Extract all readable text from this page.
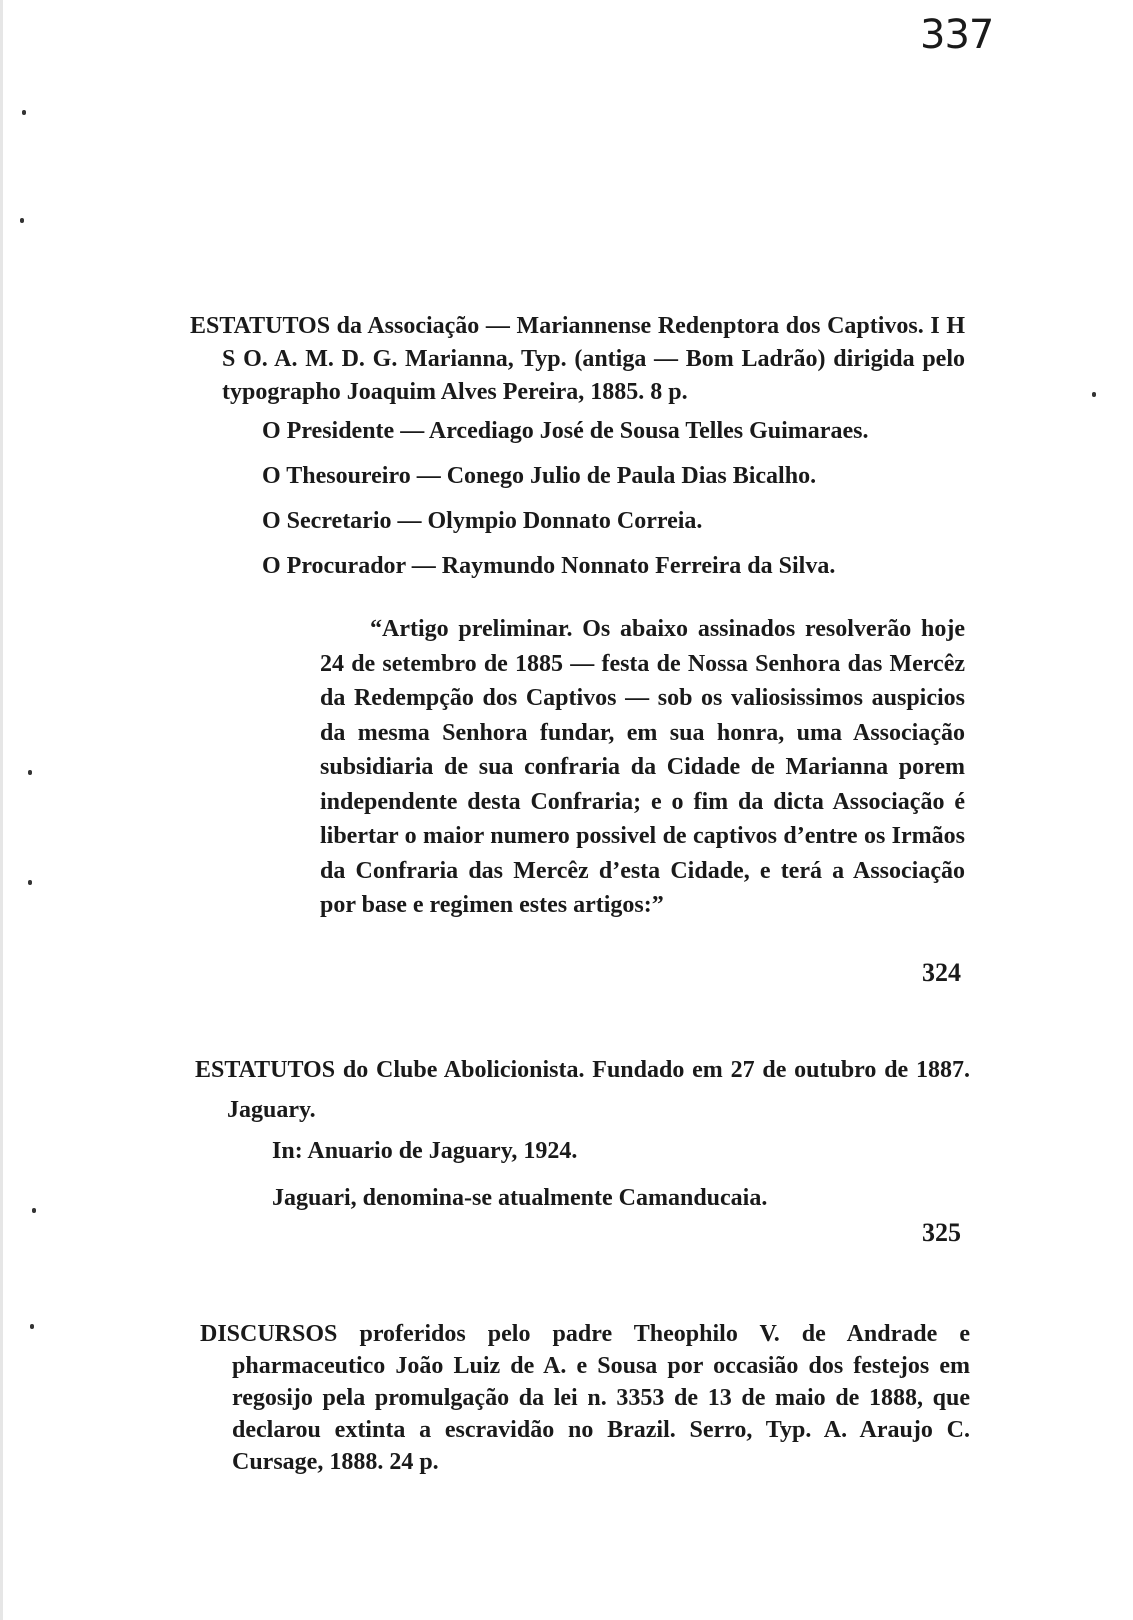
337

ESTATUTOS da Associação — Mariannense Redenptora dos Captivos. I H S O. A. M. D. G. Marianna, Typ. (antiga — Bom Ladrão) dirigida pelo typographo Joaquim Alves Pereira, 1885. 8 p.

O Presidente — Arcediago José de Sousa Telles Guimaraes.

O Thesoureiro — Conego Julio de Paula Dias Bicalho.

O Secretario — Olympio Donnato Correia.

O Procurador — Raymundo Nonnato Ferreira da Silva.

“Artigo preliminar. Os abaixo assinados resolverão hoje 24 de setembro de 1885 — festa de Nossa Senhora das Mercêz da Redempção dos Captivos — sob os valiosissimos auspicios da mesma Senhora fundar, em sua honra, uma Associação subsidiaria de sua confraria da Cidade de Marianna porem independente desta Confraria; e o fim da dicta Associação é libertar o maior numero possivel de captivos d’entre os Irmãos da Confraria das Mercêz d’esta Cidade, e terá a Associação por base e regimen estes artigos:”

324

ESTATUTOS do Clube Abolicionista. Fundado em 27 de outubro de 1887. Jaguary.

In: Anuario de Jaguary, 1924.

Jaguari, denomina-se atualmente Camanducaia.

325

DISCURSOS proferidos pelo padre Theophilo V. de Andrade e pharmaceutico João Luiz de A. e Sousa por occasião dos festejos em regosijo pela promulgação da lei n. 3353 de 13 de maio de 1888, que declarou extinta a escravidão no Brazil. Serro, Typ. A. Araujo C. Cursage, 1888. 24 p.
